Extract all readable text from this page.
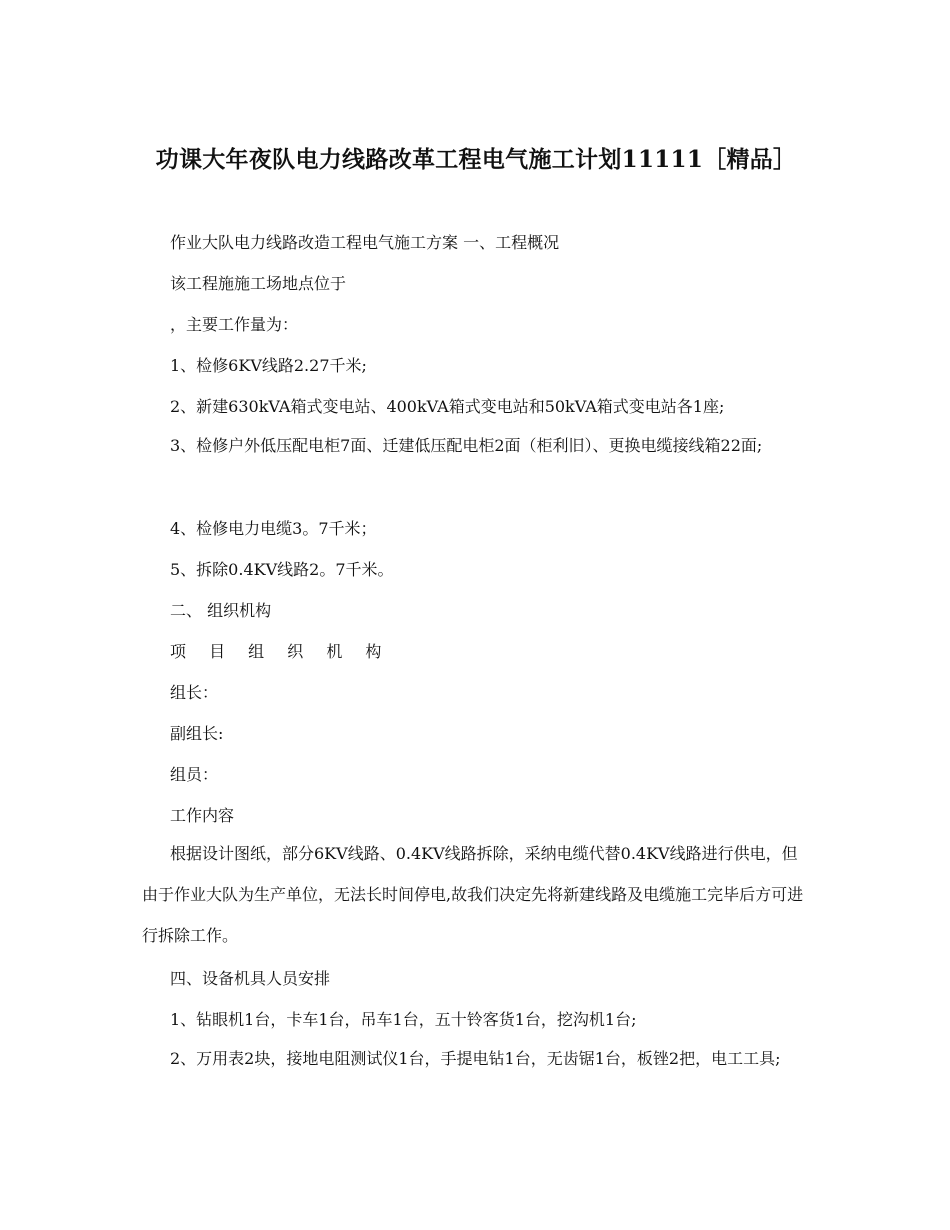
功课大年夜队电力线路改革工程电气施工计划11111［精品］
作业大队电力线路改造工程电气施工方案 一、工程概况
该工程施施工场地点位于
，主要工作量为：
1、检修6KV线路2.27千米;
2、新建630kVA箱式变电站、400kVA箱式变电站和50kVA箱式变电站各1座;
3、检修户外低压配电柜7面、迁建低压配电柜2面（柜利旧）、更换电缆接线箱22面;
4、检修电力电缆3。7千米；
5、拆除0.4KV线路2。7千米。
二、 组织机构
项 目 组 织 机 构
组长：
副组长:
组员：
工作内容
根据设计图纸，部分6KV线路、0.4KV线路拆除，采纳电缆代替0.4KV线路进行供电，但由于作业大队为生产单位，无法长时间停电,故我们决定先将新建线路及电缆施工完毕后方可进行拆除工作。
四、设备机具人员安排
1、钻眼机1台，卡车1台，吊车1台，五十铃客货1台，挖沟机1台;
2、万用表2块，接地电阻测试仪1台，手提电钻1台，无齿锯1台，板锉2把，电工工具;
